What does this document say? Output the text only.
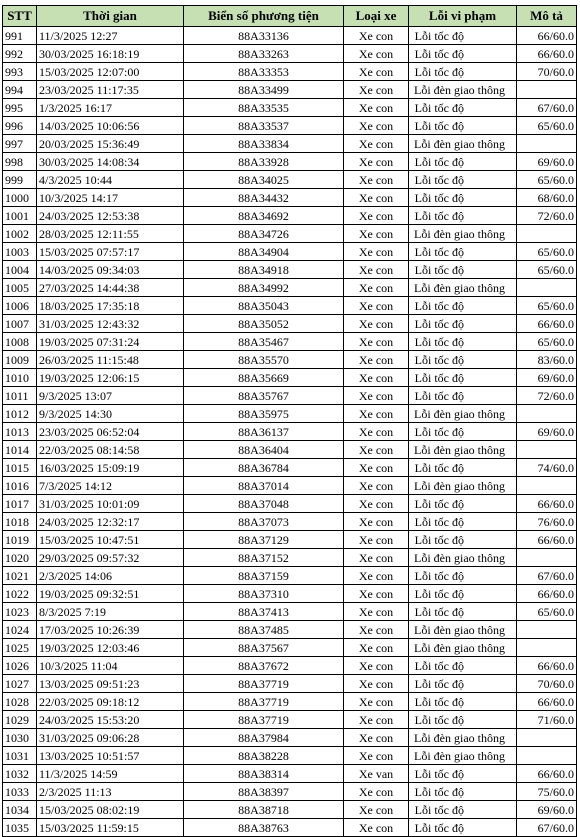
STT	Thời gian	Biển số phương tiện	Loại xe	Lỗi vi phạm	Mô tả
991	11/3/2025 12:27	88A33136	Xe con	Lỗi tốc độ	66/60.0
992	30/03/2025 16:18:19	88A33263	Xe con	Lỗi tốc độ	66/60.0
993	15/03/2025 12:07:00	88A33353	Xe con	Lỗi tốc độ	70/60.0
994	23/03/2025 11:17:35	88A33499	Xe con	Lỗi đèn giao thông	

995	1/3/2025 16:17	88A33535	Xe con	Lỗi tốc độ	67/60.0
996	14/03/2025 10:06:56	88A33537	Xe con	Lỗi tốc độ	65/60.0
997	20/03/2025 15:36:49	88A33834	Xe con	Lỗi đèn giao thông	

998	30/03/2025 14:08:34	88A33928	Xe con	Lỗi tốc độ	69/60.0
999	4/3/2025 10:44	88A34025	Xe con	Lỗi tốc độ	65/60.0
1000	10/3/2025 14:17	88A34432	Xe con	Lỗi tốc độ	68/60.0
1001	24/03/2025 12:53:38	88A34692	Xe con	Lỗi tốc độ	72/60.0
1002	28/03/2025 12:11:55	88A34726	Xe con	Lỗi đèn giao thông	

1003	15/03/2025 07:57:17	88A34904	Xe con	Lỗi tốc độ	65/60.0
1004	14/03/2025 09:34:03	88A34918	Xe con	Lỗi tốc độ	65/60.0
1005	27/03/2025 14:44:38	88A34992	Xe con	Lỗi đèn giao thông	

1006	18/03/2025 17:35:18	88A35043	Xe con	Lỗi tốc độ	65/60.0
1007	31/03/2025 12:43:32	88A35052	Xe con	Lỗi tốc độ	66/60.0
1008	19/03/2025 07:31:24	88A35467	Xe con	Lỗi tốc độ	65/60.0
1009	26/03/2025 11:15:48	88A35570	Xe con	Lỗi tốc độ	83/60.0
1010	19/03/2025 12:06:15	88A35669	Xe con	Lỗi tốc độ	69/60.0
1011	9/3/2025 13:07	88A35767	Xe con	Lỗi tốc độ	72/60.0
1012	9/3/2025 14:30	88A35975	Xe con	Lỗi đèn giao thông	

1013	23/03/2025 06:52:04	88A36137	Xe con	Lỗi tốc độ	69/60.0
1014	22/03/2025 08:14:58	88A36404	Xe con	Lỗi đèn giao thông	

1015	16/03/2025 15:09:19	88A36784	Xe con	Lỗi tốc độ	74/60.0
1016	7/3/2025 14:12	88A37014	Xe con	Lỗi đèn giao thông	

1017	31/03/2025 10:01:09	88A37048	Xe con	Lỗi tốc độ	66/60.0
1018	24/03/2025 12:32:17	88A37073	Xe con	Lỗi tốc độ	76/60.0
1019	15/03/2025 10:47:51	88A37129	Xe con	Lỗi tốc độ	66/60.0
1020	29/03/2025 09:57:32	88A37152	Xe con	Lỗi đèn giao thông	

1021	2/3/2025 14:06	88A37159	Xe con	Lỗi tốc độ	67/60.0
1022	19/03/2025 09:32:51	88A37310	Xe con	Lỗi tốc độ	66/60.0
1023	8/3/2025 7:19	88A37413	Xe con	Lỗi tốc độ	65/60.0
1024	17/03/2025 10:26:39	88A37485	Xe con	Lỗi đèn giao thông	

1025	19/03/2025 12:03:46	88A37567	Xe con	Lỗi đèn giao thông	

1026	10/3/2025 11:04	88A37672	Xe con	Lỗi tốc độ	66/60.0
1027	13/03/2025 09:51:23	88A37719	Xe con	Lỗi tốc độ	70/60.0
1028	22/03/2025 09:18:12	88A37719	Xe con	Lỗi tốc độ	66/60.0
1029	24/03/2025 15:53:20	88A37719	Xe con	Lỗi tốc độ	71/60.0
1030	31/03/2025 09:06:28	88A37984	Xe con	Lỗi đèn giao thông	

1031	13/03/2025 10:51:57	88A38228	Xe con	Lỗi đèn giao thông	

1032	11/3/2025 14:59	88A38314	Xe van	Lỗi tốc độ	66/60.0
1033	2/3/2025 11:13	88A38397	Xe con	Lỗi tốc độ	75/60.0
1034	15/03/2025 08:02:19	88A38718	Xe con	Lỗi tốc độ	69/60.0
1035	15/03/2025 11:59:15	88A38763	Xe con	Lỗi tốc độ	67/60.0
